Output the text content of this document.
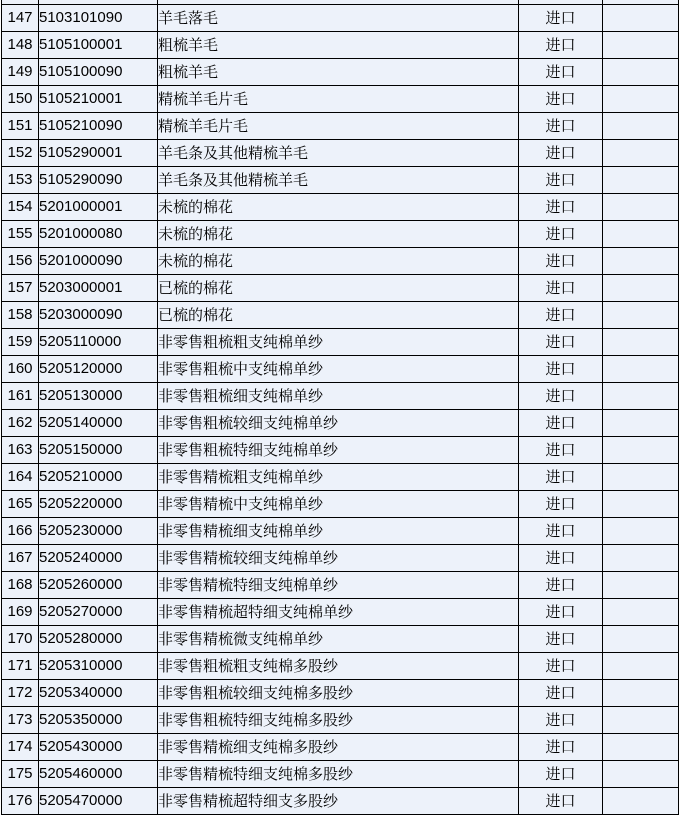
147	5103101090	羊毛落毛	进口	
148	5105100001	粗梳羊毛	进口	
149	5105100090	粗梳羊毛	进口	
150	5105210001	精梳羊毛片毛	进口	
151	5105210090	精梳羊毛片毛	进口	
152	5105290001	羊毛条及其他精梳羊毛	进口	
153	5105290090	羊毛条及其他精梳羊毛	进口	
154	5201000001	未梳的棉花	进口	
155	5201000080	未梳的棉花	进口	
156	5201000090	未梳的棉花	进口	
157	5203000001	已梳的棉花	进口	
158	5203000090	已梳的棉花	进口	
159	5205110000	非零售粗梳粗支纯棉单纱	进口	
160	5205120000	非零售粗梳中支纯棉单纱	进口	
161	5205130000	非零售粗梳细支纯棉单纱	进口	
162	5205140000	非零售粗梳较细支纯棉单纱	进口	
163	5205150000	非零售粗梳特细支纯棉单纱	进口	
164	5205210000	非零售精梳粗支纯棉单纱	进口	
165	5205220000	非零售精梳中支纯棉单纱	进口	
166	5205230000	非零售精梳细支纯棉单纱	进口	
167	5205240000	非零售精梳较细支纯棉单纱	进口	
168	5205260000	非零售精梳特细支纯棉单纱	进口	
169	5205270000	非零售精梳超特细支纯棉单纱	进口	
170	5205280000	非零售精梳微支纯棉单纱	进口	
171	5205310000	非零售粗梳粗支纯棉多股纱	进口	
172	5205340000	非零售粗梳较细支纯棉多股纱	进口	
173	5205350000	非零售粗梳特细支纯棉多股纱	进口	
174	5205430000	非零售精梳细支纯棉多股纱	进口	
175	5205460000	非零售精梳特细支纯棉多股纱	进口	
176	5205470000	非零售精梳超特细支多股纱	进口	
